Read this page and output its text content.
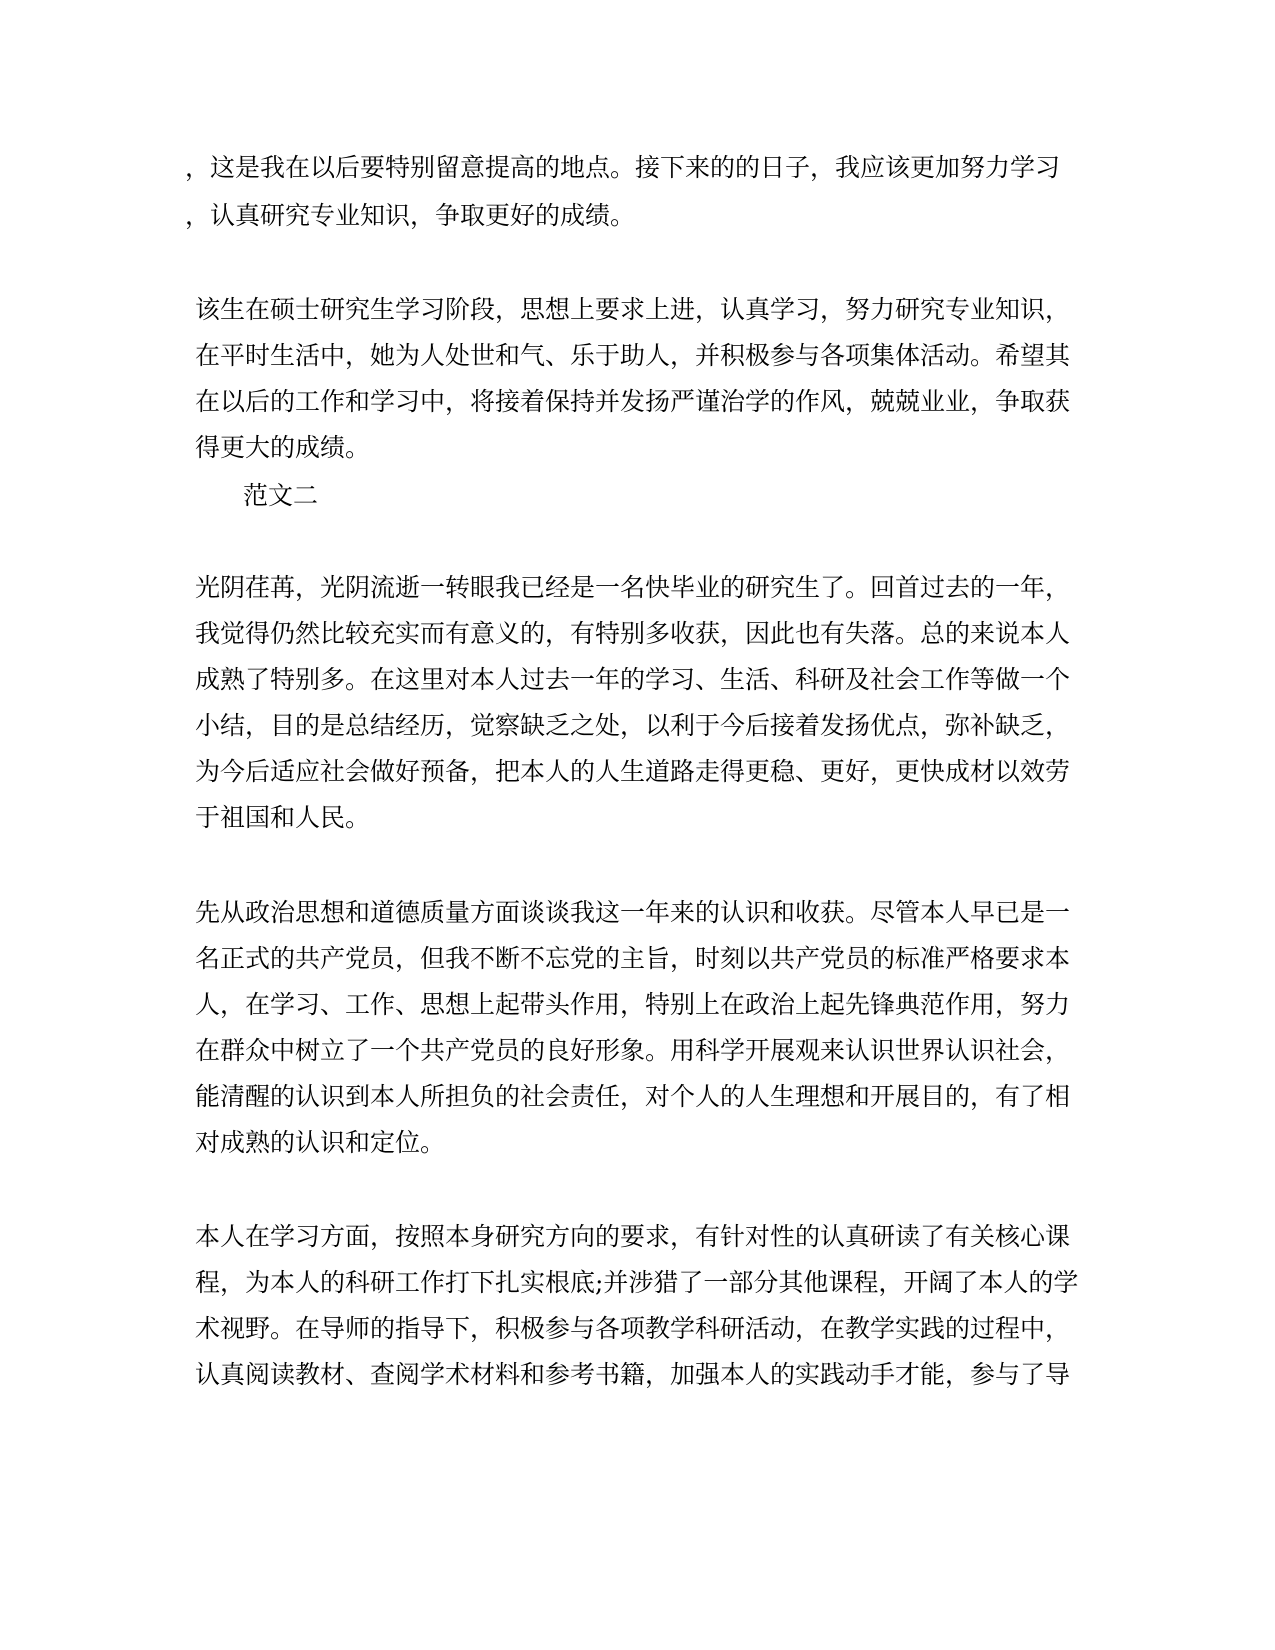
，这是我在以后要特别留意提高的地点。接下来的的日子，我应该更加努力学习

，认真研究专业知识，争取更好的成绩。

该生在硕士研究生学习阶段，思想上要求上进，认真学习，努力研究专业知识，

在平时生活中，她为人处世和气、乐于助人，并积极参与各项集体活动。希望其

在以后的工作和学习中，将接着保持并发扬严谨治学的作风，兢兢业业，争取获

得更大的成绩。

范文二

光阴荏苒，光阴流逝一转眼我已经是一名快毕业的研究生了。回首过去的一年，

我觉得仍然比较充实而有意义的，有特别多收获，因此也有失落。总的来说本人

成熟了特别多。在这里对本人过去一年的学习、生活、科研及社会工作等做一个

小结，目的是总结经历，觉察缺乏之处，以利于今后接着发扬优点，弥补缺乏，

为今后适应社会做好预备，把本人的人生道路走得更稳、更好，更快成材以效劳

于祖国和人民。

先从政治思想和道德质量方面谈谈我这一年来的认识和收获。尽管本人早已是一

名正式的共产党员，但我不断不忘党的主旨，时刻以共产党员的标准严格要求本

人，在学习、工作、思想上起带头作用，特别上在政治上起先锋典范作用，努力

在群众中树立了一个共产党员的良好形象。用科学开展观来认识世界认识社会，

能清醒的认识到本人所担负的社会责任，对个人的人生理想和开展目的，有了相

对成熟的认识和定位。

本人在学习方面，按照本身研究方向的要求，有针对性的认真研读了有关核心课

程，为本人的科研工作打下扎实根底;并涉猎了一部分其他课程，开阔了本人的学

术视野。在导师的指导下，积极参与各项教学科研活动，在教学实践的过程中，

认真阅读教材、查阅学术材料和参考书籍，加强本人的实践动手才能，参与了导
